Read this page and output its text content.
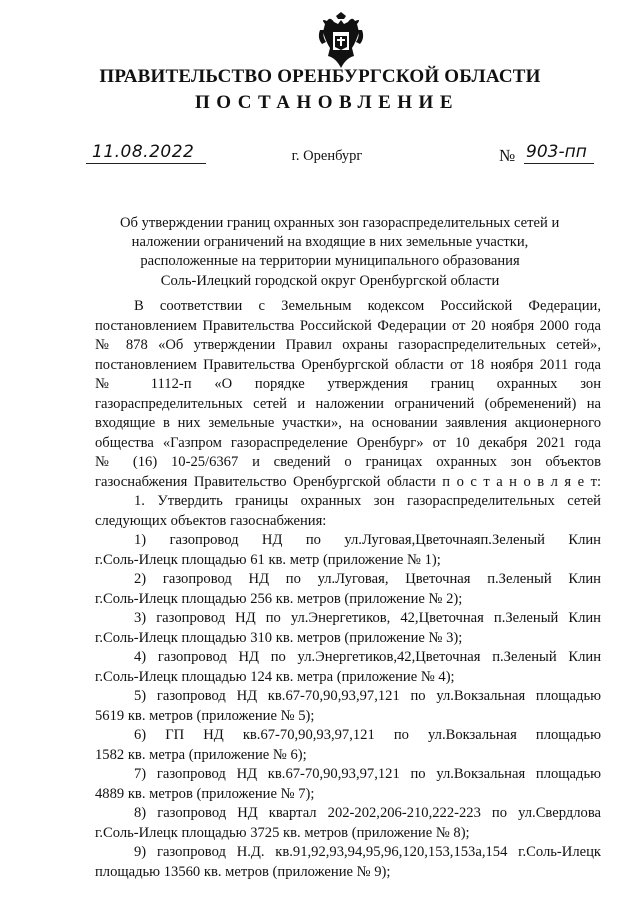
ПРАВИТЕЛЬСТВО ОРЕНБУРГСКОЙ ОБЛАСТИ
ПОСТАНОВЛЕНИЕ
11.08.2022	г. Оренбург	№ 903-пп
Об утверждении границ охранных зон газораспределительных сетей и
наложении ограничений на входящие в них земельные участки,
расположенные на территории муниципального образования
Соль-Илецкий городской округ Оренбургской области
В соответствии с Земельным кодексом Российской Федерации,
постановлением Правительства Российской Федерации от 20 ноября 2000 года
№ 878 «Об утверждении Правил охраны газораспределительных сетей»,
постановлением Правительства Оренбургской области от 18 ноября 2011 года
№ 1112-п «О порядке утверждения границ охранных зон
газораспределительных сетей и наложении ограничений (обременений) на
входящие в них земельные участки», на основании заявления акционерного
общества «Газпром газораспределение Оренбург» от 10 декабря 2021 года
№ (16) 10-25/6367 и сведений о границах охранных зон объектов
газоснабжения Правительство Оренбургской области п о с т а н о в л я е т:
1. Утвердить границы охранных зон газораспределительных сетей
следующих объектов газоснабжения:
1) газопровод НД по ул.Луговая,Цветочнаяп.Зеленый Клин
г.Соль-Илецк площадью 61 кв. метр (приложение № 1);
2) газопровод НД по ул.Луговая, Цветочная п.Зеленый Клин
г.Соль-Илецк площадью 256 кв. метров (приложение № 2);
3) газопровод НД по ул.Энергетиков, 42,Цветочная п.Зеленый Клин
г.Соль-Илецк площадью 310 кв. метров (приложение № 3);
4) газопровод НД по ул.Энергетиков,42,Цветочная п.Зеленый Клин
г.Соль-Илецк площадью 124 кв. метра (приложение № 4);
5) газопровод НД кв.67-70,90,93,97,121 по ул.Вокзальная площадью
5619 кв. метров (приложение № 5);
6) ГП НД кв.67-70,90,93,97,121 по ул.Вокзальная площадью
1582 кв. метра (приложение № 6);
7) газопровод НД кв.67-70,90,93,97,121 по ул.Вокзальная площадью
4889 кв. метров (приложение № 7);
8) газопровод НД квартал 202-202,206-210,222-223 по ул.Свердлова
г.Соль-Илецк площадью 3725 кв. метров (приложение № 8);
9) газопровод Н.Д. кв.91,92,93,94,95,96,120,153,153а,154 г.Соль-Илецк
площадью 13560 кв. метров (приложение № 9);
